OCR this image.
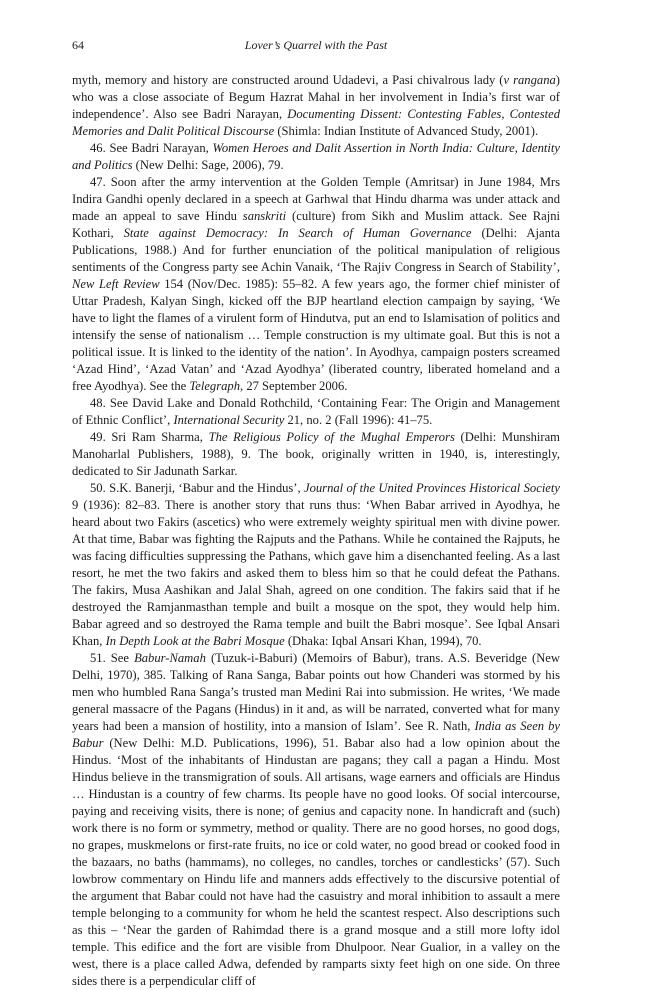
64	Lover’s Quarrel with the Past

myth, memory and history are constructed around Udadevi, a Pasi chivalrous lady (v rangana) who was a close associate of Begum Hazrat Mahal in her involvement in India’s first war of independence’. Also see Badri Narayan, Documenting Dissent: Contesting Fables, Contested Memories and Dalit Political Discourse (Shimla: Indian Institute of Advanced Study, 2001).

46. See Badri Narayan, Women Heroes and Dalit Assertion in North India: Culture, Identity and Politics (New Delhi: Sage, 2006), 79.

47. Soon after the army intervention at the Golden Temple (Amritsar) in June 1984, Mrs Indira Gandhi openly declared in a speech at Garhwal that Hindu dharma was under attack and made an appeal to save Hindu sanskriti (culture) from Sikh and Muslim attack. See Rajni Kothari, State against Democracy: In Search of Human Governance (Delhi: Ajanta Publications, 1988.) And for further enunciation of the political manipulation of religious sentiments of the Congress party see Achin Vanaik, ‘The Rajiv Congress in Search of Stability’, New Left Review 154 (Nov/Dec. 1985): 55–82. A few years ago, the former chief minister of Uttar Pradesh, Kalyan Singh, kicked off the BJP heartland election campaign by saying, ‘We have to light the flames of a virulent form of Hindutva, put an end to Islamisation of politics and intensify the sense of nationalism … Temple construction is my ultimate goal. But this is not a political issue. It is linked to the identity of the nation’. In Ayodhya, campaign posters screamed ‘Azad Hind’, ‘Azad Vatan’ and ‘Azad Ayodhya’ (liberated country, liberated homeland and a free Ayodhya). See the Telegraph, 27 September 2006.

48. See David Lake and Donald Rothchild, ‘Containing Fear: The Origin and Management of Ethnic Conflict’, International Security 21, no. 2 (Fall 1996): 41–75.

49. Sri Ram Sharma, The Religious Policy of the Mughal Emperors (Delhi: Munshiram Manoharlal Publishers, 1988), 9. The book, originally written in 1940, is, interestingly, dedicated to Sir Jadunath Sarkar.

50. S.K. Banerji, ‘Babur and the Hindus’, Journal of the United Provinces Historical Society 9 (1936): 82–83. There is another story that runs thus: ‘When Babar arrived in Ayodhya, he heard about two Fakirs (ascetics) who were extremely weighty spiritual men with divine power. At that time, Babar was fighting the Rajputs and the Pathans. While he contained the Rajputs, he was facing difficulties suppressing the Pathans, which gave him a disenchanted feeling. As a last resort, he met the two fakirs and asked them to bless him so that he could defeat the Pathans. The fakirs, Musa Aashikan and Jalal Shah, agreed on one condition. The fakirs said that if he destroyed the Ramjanmasthan temple and built a mosque on the spot, they would help him. Babar agreed and so destroyed the Rama temple and built the Babri mosque’. See Iqbal Ansari Khan, In Depth Look at the Babri Mosque (Dhaka: Iqbal Ansari Khan, 1994), 70.

51. See Babur-Namah (Tuzuk-i-Baburi) (Memoirs of Babur), trans. A.S. Beveridge (New Delhi, 1970), 385. Talking of Rana Sanga, Babar points out how Chanderi was stormed by his men who humbled Rana Sanga’s trusted man Medini Rai into submission. He writes, ‘We made general massacre of the Pagans (Hindus) in it and, as will be narrated, converted what for many years had been a mansion of hostility, into a mansion of Islam’. See R. Nath, India as Seen by Babur (New Delhi: M.D. Publications, 1996), 51. Babar also had a low opinion about the Hindus. ‘Most of the inhabitants of Hindustan are pagans; they call a pagan a Hindu. Most Hindus believe in the transmigration of souls. All artisans, wage earners and officials are Hindus … Hindustan is a country of few charms. Its people have no good looks. Of social intercourse, paying and receiving visits, there is none; of genius and capacity none. In handicraft and (such) work there is no form or symmetry, method or quality. There are no good horses, no good dogs, no grapes, muskmelons or first-rate fruits, no ice or cold water, no good bread or cooked food in the bazaars, no baths (hammams), no colleges, no candles, torches or candlesticks’ (57). Such lowbrow commentary on Hindu life and manners adds effectively to the discursive potential of the argument that Babar could not have had the casuistry and moral inhibition to assault a mere temple belonging to a community for whom he held the scantest respect. Also descriptions such as this – ‘Near the garden of Rahimdad there is a grand mosque and a still more lofty idol temple. This edifice and the fort are visible from Dhulpoor. Near Gualior, in a valley on the west, there is a place called Adwa, defended by ramparts sixty feet high on one side. On three sides there is a perpendicular cliff of
